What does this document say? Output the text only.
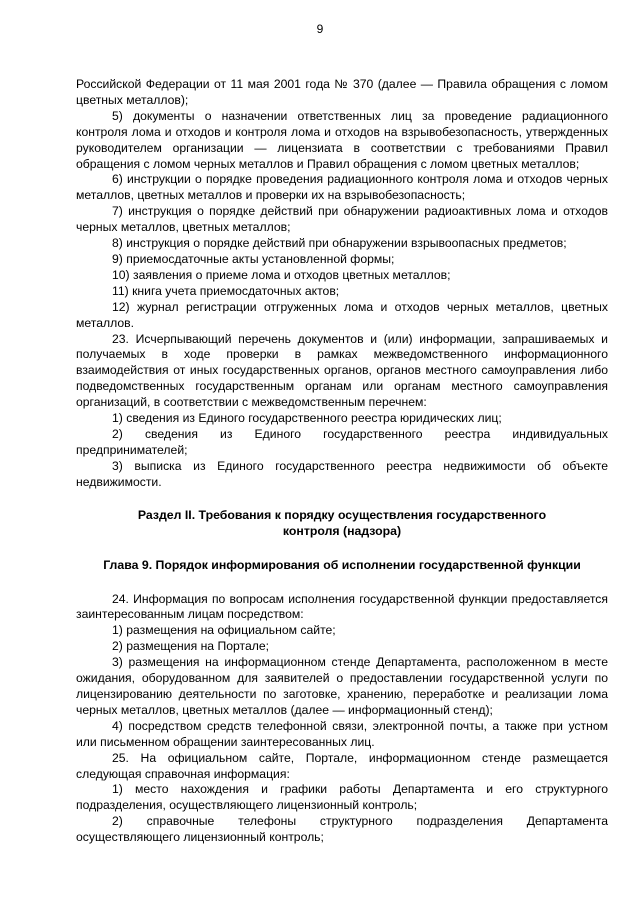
9

Российской Федерации от 11 мая 2001 года № 370 (далее — Правила обращения с ломом цветных металлов);

5) документы о назначении ответственных лиц за проведение радиационного контроля лома и отходов и контроля лома и отходов на взрывобезопасность, утвержденных руководителем организации — лицензиата в соответствии с требованиями Правил обращения с ломом черных металлов и Правил обращения с ломом цветных металлов;

6) инструкции о порядке проведения радиационного контроля лома и отходов черных металлов, цветных металлов и проверки их на взрывобезопасность;

7) инструкция о порядке действий при обнаружении радиоактивных лома и отходов черных металлов, цветных металлов;

8) инструкция о порядке действий при обнаружении взрывоопасных предметов;

9) приемосдаточные акты установленной формы;

10) заявления о приеме лома и отходов цветных металлов;

11) книга учета приемосдаточных актов;

12) журнал регистрации отгруженных лома и отходов черных металлов, цветных металлов.

23. Исчерпывающий перечень документов и (или) информации, запрашиваемых и получаемых в ходе проверки в рамках межведомственного информационного взаимодействия от иных государственных органов, органов местного самоуправления либо подведомственных государственным органам или органам местного самоуправления организаций, в соответствии с межведомственным перечнем:

1) сведения из Единого государственного реестра юридических лиц;

2) сведения из Единого государственного реестра индивидуальных предпринимателей;

3) выписка из Единого государственного реестра недвижимости об объекте недвижимости.

Раздел II. Требования к порядку осуществления государственного контроля (надзора)
Глава 9. Порядок информирования об исполнении государственной функции

24. Информация по вопросам исполнения государственной функции предоставляется заинтересованным лицам посредством:

1) размещения на официальном сайте;

2) размещения на Портале;

3) размещения на информационном стенде Департамента, расположенном в месте ожидания, оборудованном для заявителей о предоставлении государственной услуги по лицензированию деятельности по заготовке, хранению, переработке и реализации лома черных металлов, цветных металлов (далее — информационный стенд);

4) посредством средств телефонной связи, электронной почты, а также при устном или письменном обращении заинтересованных лиц.

25. На официальном сайте, Портале, информационном стенде размещается следующая справочная информация:

1) место нахождения и графики работы Департамента и его структурного подразделения, осуществляющего лицензионный контроль;

2) справочные телефоны структурного подразделения Департамента осуществляющего лицензионный контроль;
